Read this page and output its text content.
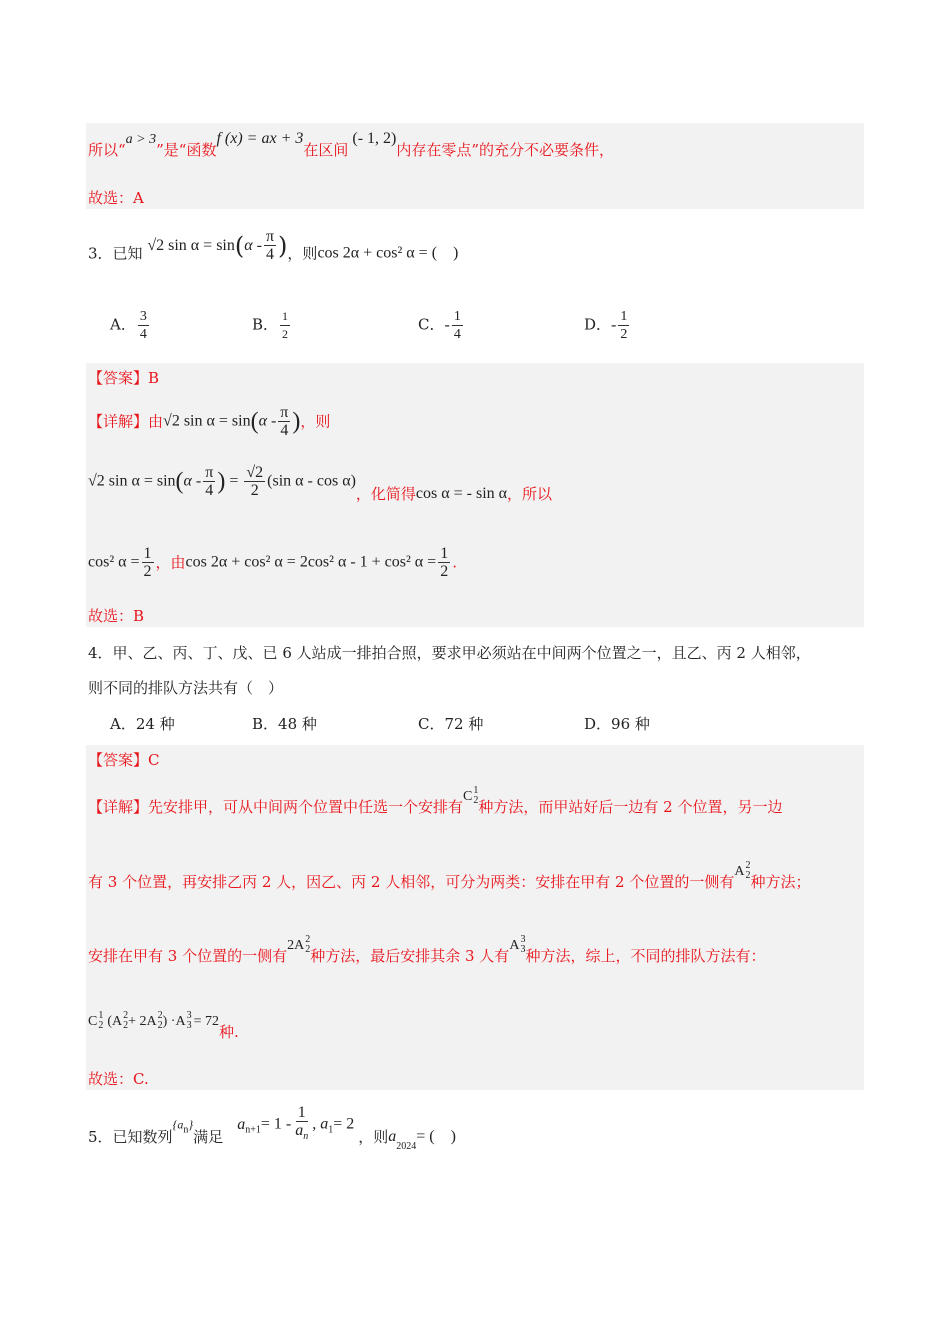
所以“a > 3”是“函数f (x) = ax + 3在区间(- 1, 2)内存在零点”的充分不必要条件，
故选：A
3．已知 √2 $\sin \alpha = \sin(\alpha - \frac{\pi}{4}$ )，则cos 2α + cos² α = (　)
A． $\frac{3}{4}$	B． $\frac{1}{2}$	C．- $\frac{1}{4}$	D．- $\frac{1}{2}$
【答案】B
【详解】由√2 $\sin \alpha = \sin(\alpha - \frac{\pi}{4}$ )，则
√2 $\sin \alpha = \sin(\alpha - \frac{\pi}{4}$ ) = $\frac{√2}{2} (\sin$ α - cos α)，化简得cos α = - sin α，所以
cos² $\alpha = \frac{1}{2}$ ，由cos 2α + cos² α = 2cos² α - 1 + cos² $\alpha = \frac{1}{2}$ .
故选：B
4．甲、乙、丙、丁、戊、已 6 人站成一排拍合照，要求甲必须站在中间两个位置之一，且乙、丙 2 人相邻，
则不同的排队方法共有（　）
A．24 种	B．48 种	C．72 种	D．96 种
【答案】C
【详解】先安排甲，可从中间两个位置中任选一个安排有C 1
2 种方法，而甲站好后一边有 2 个位置，另一边
有 3 个位置，再安排乙丙 2 人，因乙、丙 2 人相邻，可分为两类：安排在甲有 2 个位置的一侧有A 2
2 种方法；
安排在甲有 3 个位置的一侧有2A 2
2 种方法，最后安排其余 3 人有A 3
3 种方法，综上，不同的排队方法有：
C 1
2 (A 2
2 + 2A 2
2 ) ·A 3
3 = 72种.
故选：C.
5．已知数列$\{a_n\}$满足$a_{n+1}= 1 - \frac{1}{a_n}$ , $a_1= 2$，则$a_{2024}=$ (　)
